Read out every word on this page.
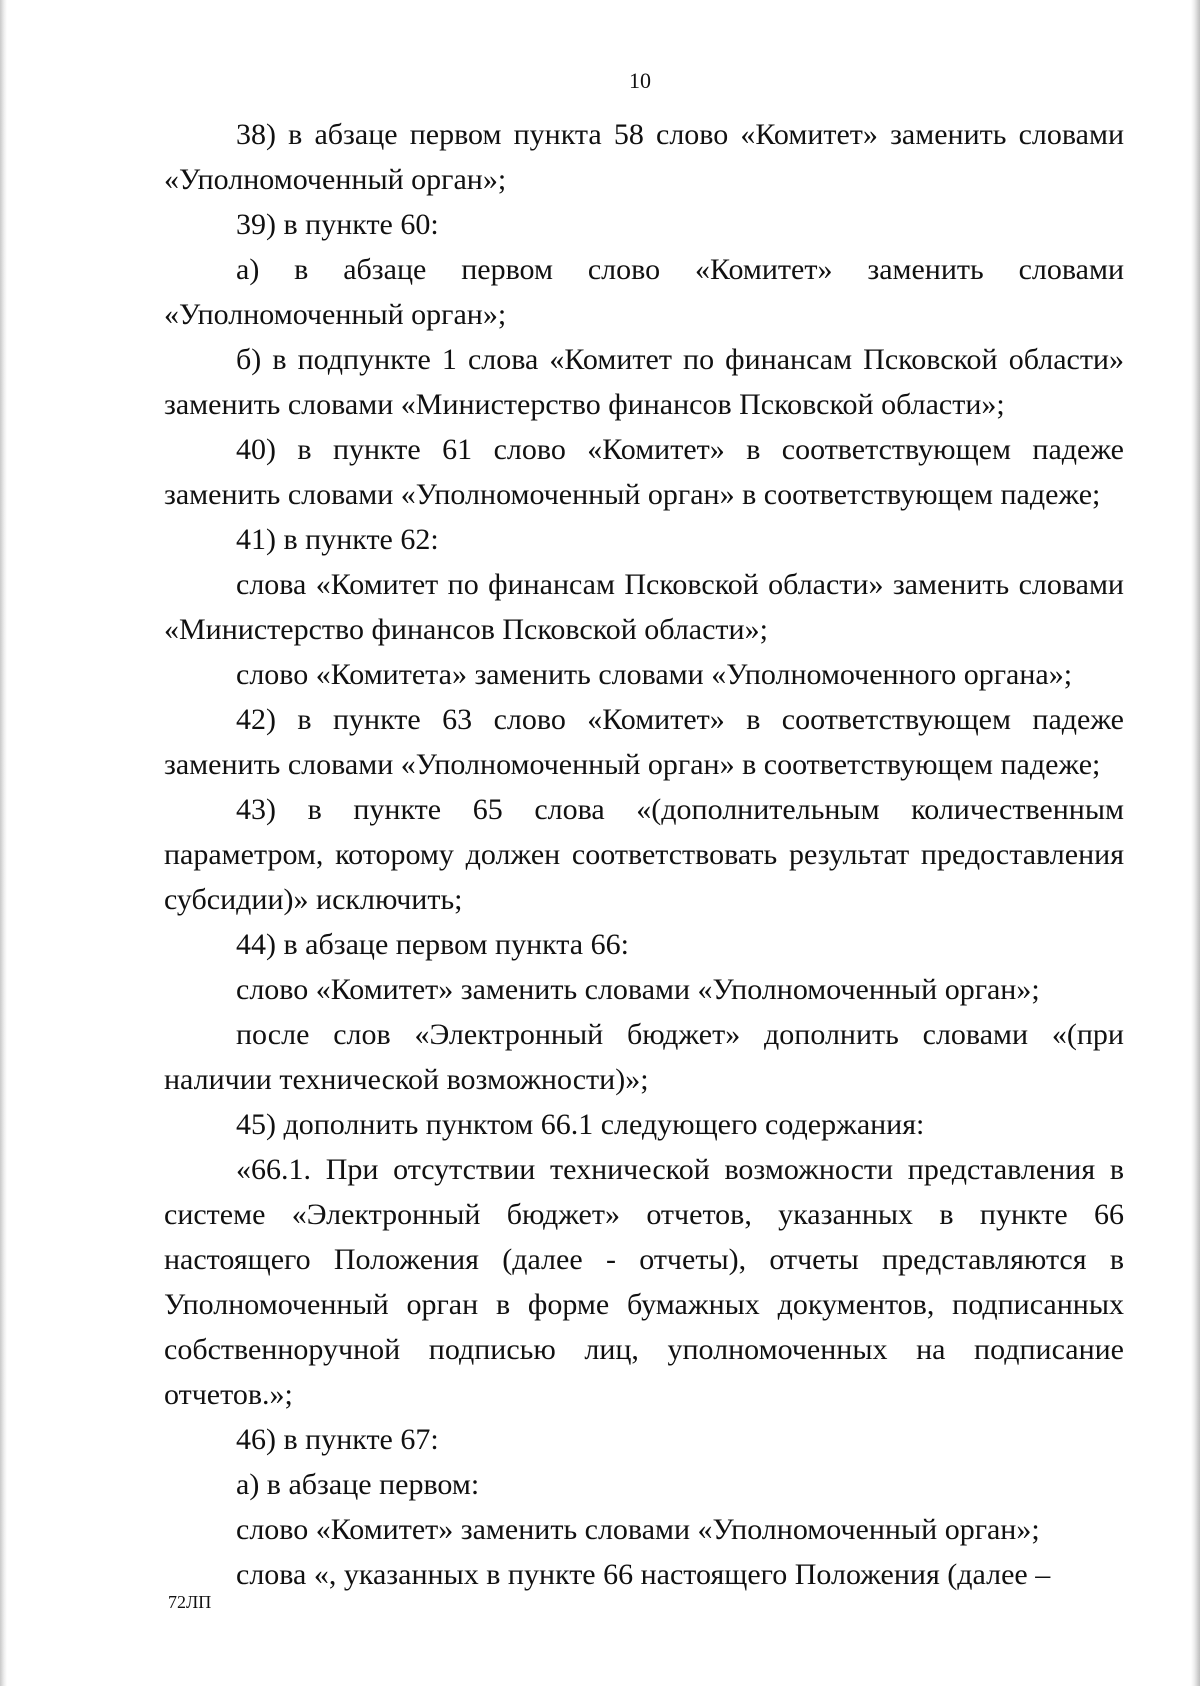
10

38) в абзаце первом пункта 58 слово «Комитет» заменить словами «Уполномоченный орган»;

39) в пункте 60:

а) в абзаце первом слово «Комитет» заменить словами «Уполномоченный орган»;

б) в подпункте 1 слова «Комитет по финансам Псковской области» заменить словами «Министерство финансов Псковской области»;

40) в пункте 61 слово «Комитет» в соответствующем падеже заменить словами «Уполномоченный орган» в соответствующем падеже;

41) в пункте 62:

слова «Комитет по финансам Псковской области» заменить словами «Министерство финансов Псковской области»;

слово «Комитета» заменить словами «Уполномоченного органа»;

42) в пункте 63 слово «Комитет» в соответствующем падеже заменить словами «Уполномоченный орган» в соответствующем падеже;

43) в пункте 65 слова «(дополнительным количественным параметром, которому должен соответствовать результат предоставления субсидии)» исключить;

44) в абзаце первом пункта 66:

слово «Комитет» заменить словами «Уполномоченный орган»;

после слов «Электронный бюджет» дополнить словами «(при наличии технической возможности)»;

45) дополнить пунктом 66.1 следующего содержания:

«66.1. При отсутствии технической возможности представления в системе «Электронный бюджет» отчетов, указанных в пункте 66 настоящего Положения (далее - отчеты), отчеты представляются в Уполномоченный орган в форме бумажных документов, подписанных собственноручной подписью лиц, уполномоченных на подписание отчетов.»;

46) в пункте 67:

а) в абзаце первом:

слово «Комитет» заменить словами «Уполномоченный орган»;

слова «, указанных в пункте 66 настоящего Положения (далее –

72ЛП
